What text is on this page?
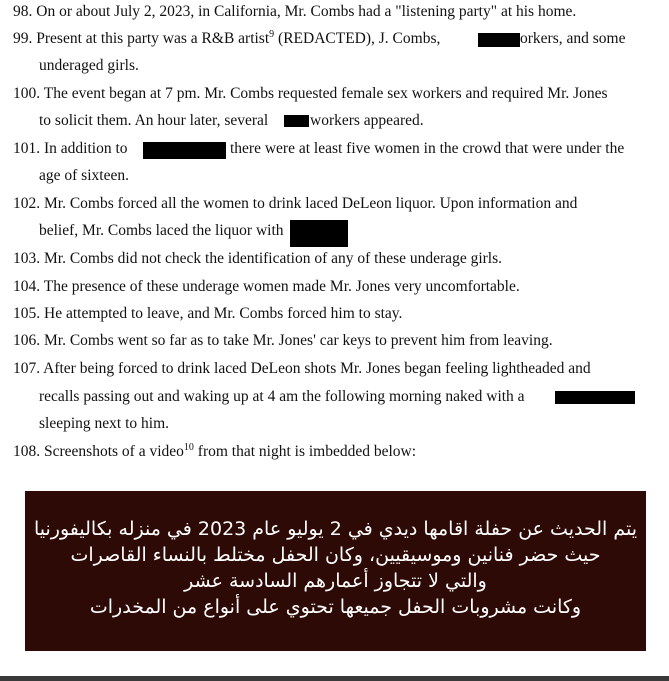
98. On or about July 2, 2023, in California, Mr. Combs had a "listening party" at his home.
99. Present at this party was a R&B artist$^9$ (REDACTED), J. Combs,	orkers, and some
underaged girls.
100. The event began at 7 pm. Mr. Combs requested female sex workers and required Mr. Jones
to solicit them. An hour later, several	workers appeared.
101. In addition to	there were at least five women in the crowd that were under the
age of sixteen.
102. Mr. Combs forced all the women to drink laced DeLeon liquor. Upon information and
belief, Mr. Combs laced the liquor with
103. Mr. Combs did not check the identification of any of these underage girls.
104. The presence of these underage women made Mr. Jones very uncomfortable.
105. He attempted to leave, and Mr. Combs forced him to stay.
106. Mr. Combs went so far as to take Mr. Jones' car keys to prevent him from leaving.
107. After being forced to drink laced DeLeon shots Mr. Jones began feeling lightheaded and
recalls passing out and waking up at 4 am the following morning naked with a
sleeping next to him.
108. Screenshots of a video$^{10}$ from that night is imbedded below:
يتم الحديث عن حفلة اقامها ديدي في 2 يوليو عام 2023 في منزله بكاليفورنيا
حيث حضر فنانين وموسيقيين، وكان الحفل مختلط بالنساء القاصرات
والتي لا تتجاوز أعمارهم السادسة عشر
وكانت مشروبات الحفل جميعها تحتوي على أنواع من المخدرات
